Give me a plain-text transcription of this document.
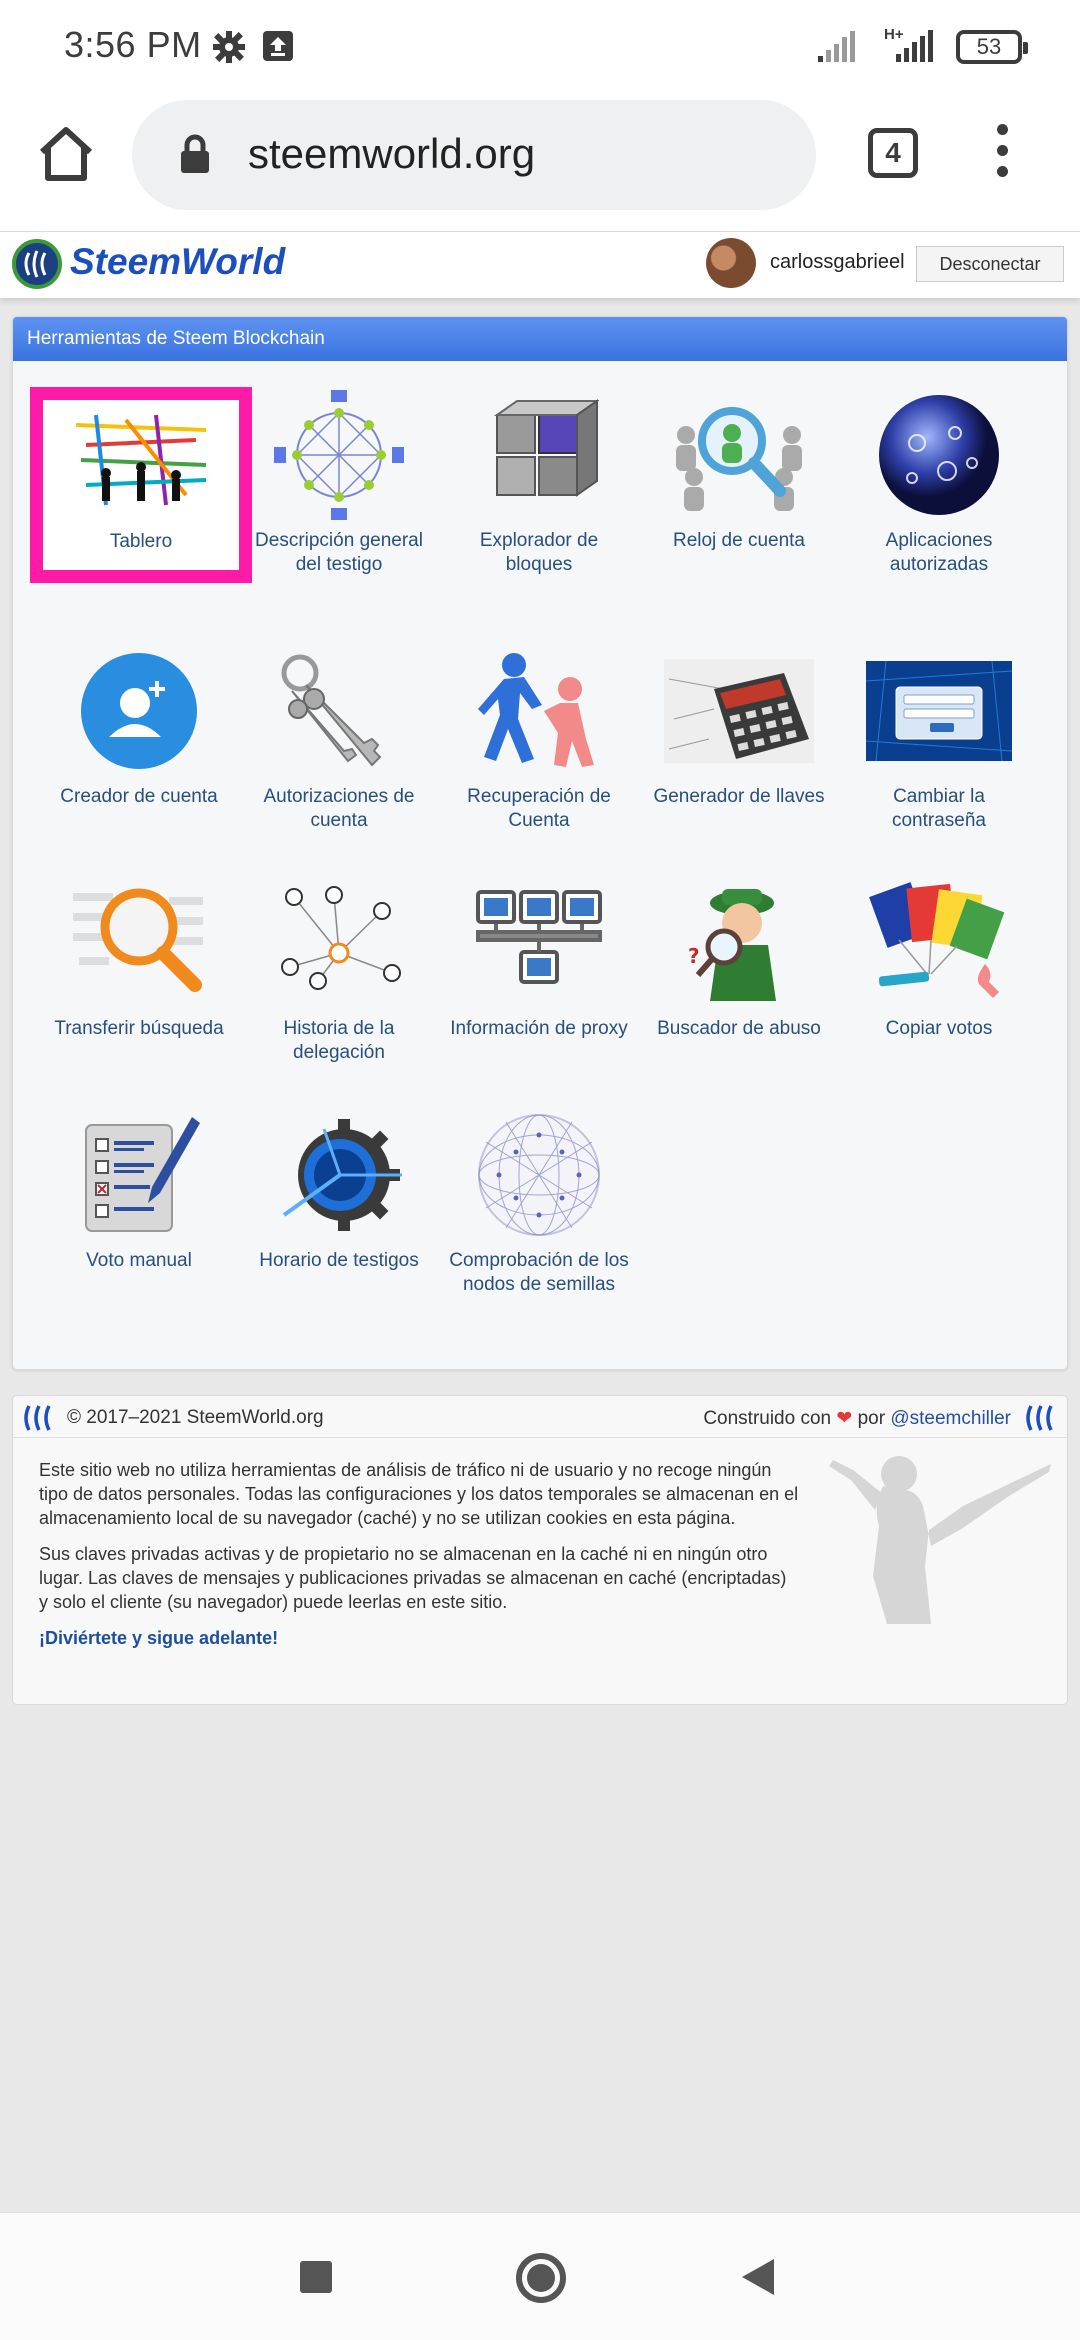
3:56 PM	H+	53
steemworld.org	4
SteemWorld	carlossgabrieel	Desconectar
Herramientas de Steem Blockchain
Tablero	Descripción general del testigo
Explorador de bloques
Reloj de cuenta	Aplicaciones autorizadas
Creador de cuenta	Autorizaciones de cuenta
Recuperación de Cuenta
Generador de llaves	Cambiar la contraseña
Transferir búsqueda	Historia de la delegación
Información de proxy
?
Buscador de abuso	Copiar votos
Voto manual	Horario de testigos	Comprobación de los nodos de semillas
© 2017–2021 SteemWorld.org	Construido con ❤ por @steemchiller

Este sitio web no utiliza herramientas de análisis de tráfico ni de usuario y no recoge ningún tipo de datos personales. Todas las configuraciones y los datos temporales se almacenan en el almacenamiento local de su navegador (caché) y no se utilizan cookies en esta página.

Sus claves privadas activas y de propietario no se almacenan en la caché ni en ningún otro lugar. Las claves de mensajes y publicaciones privadas se almacenan en caché (encriptadas) y solo el cliente (su navegador) puede leerlas en este sitio.

¡Diviértete y sigue adelante!
